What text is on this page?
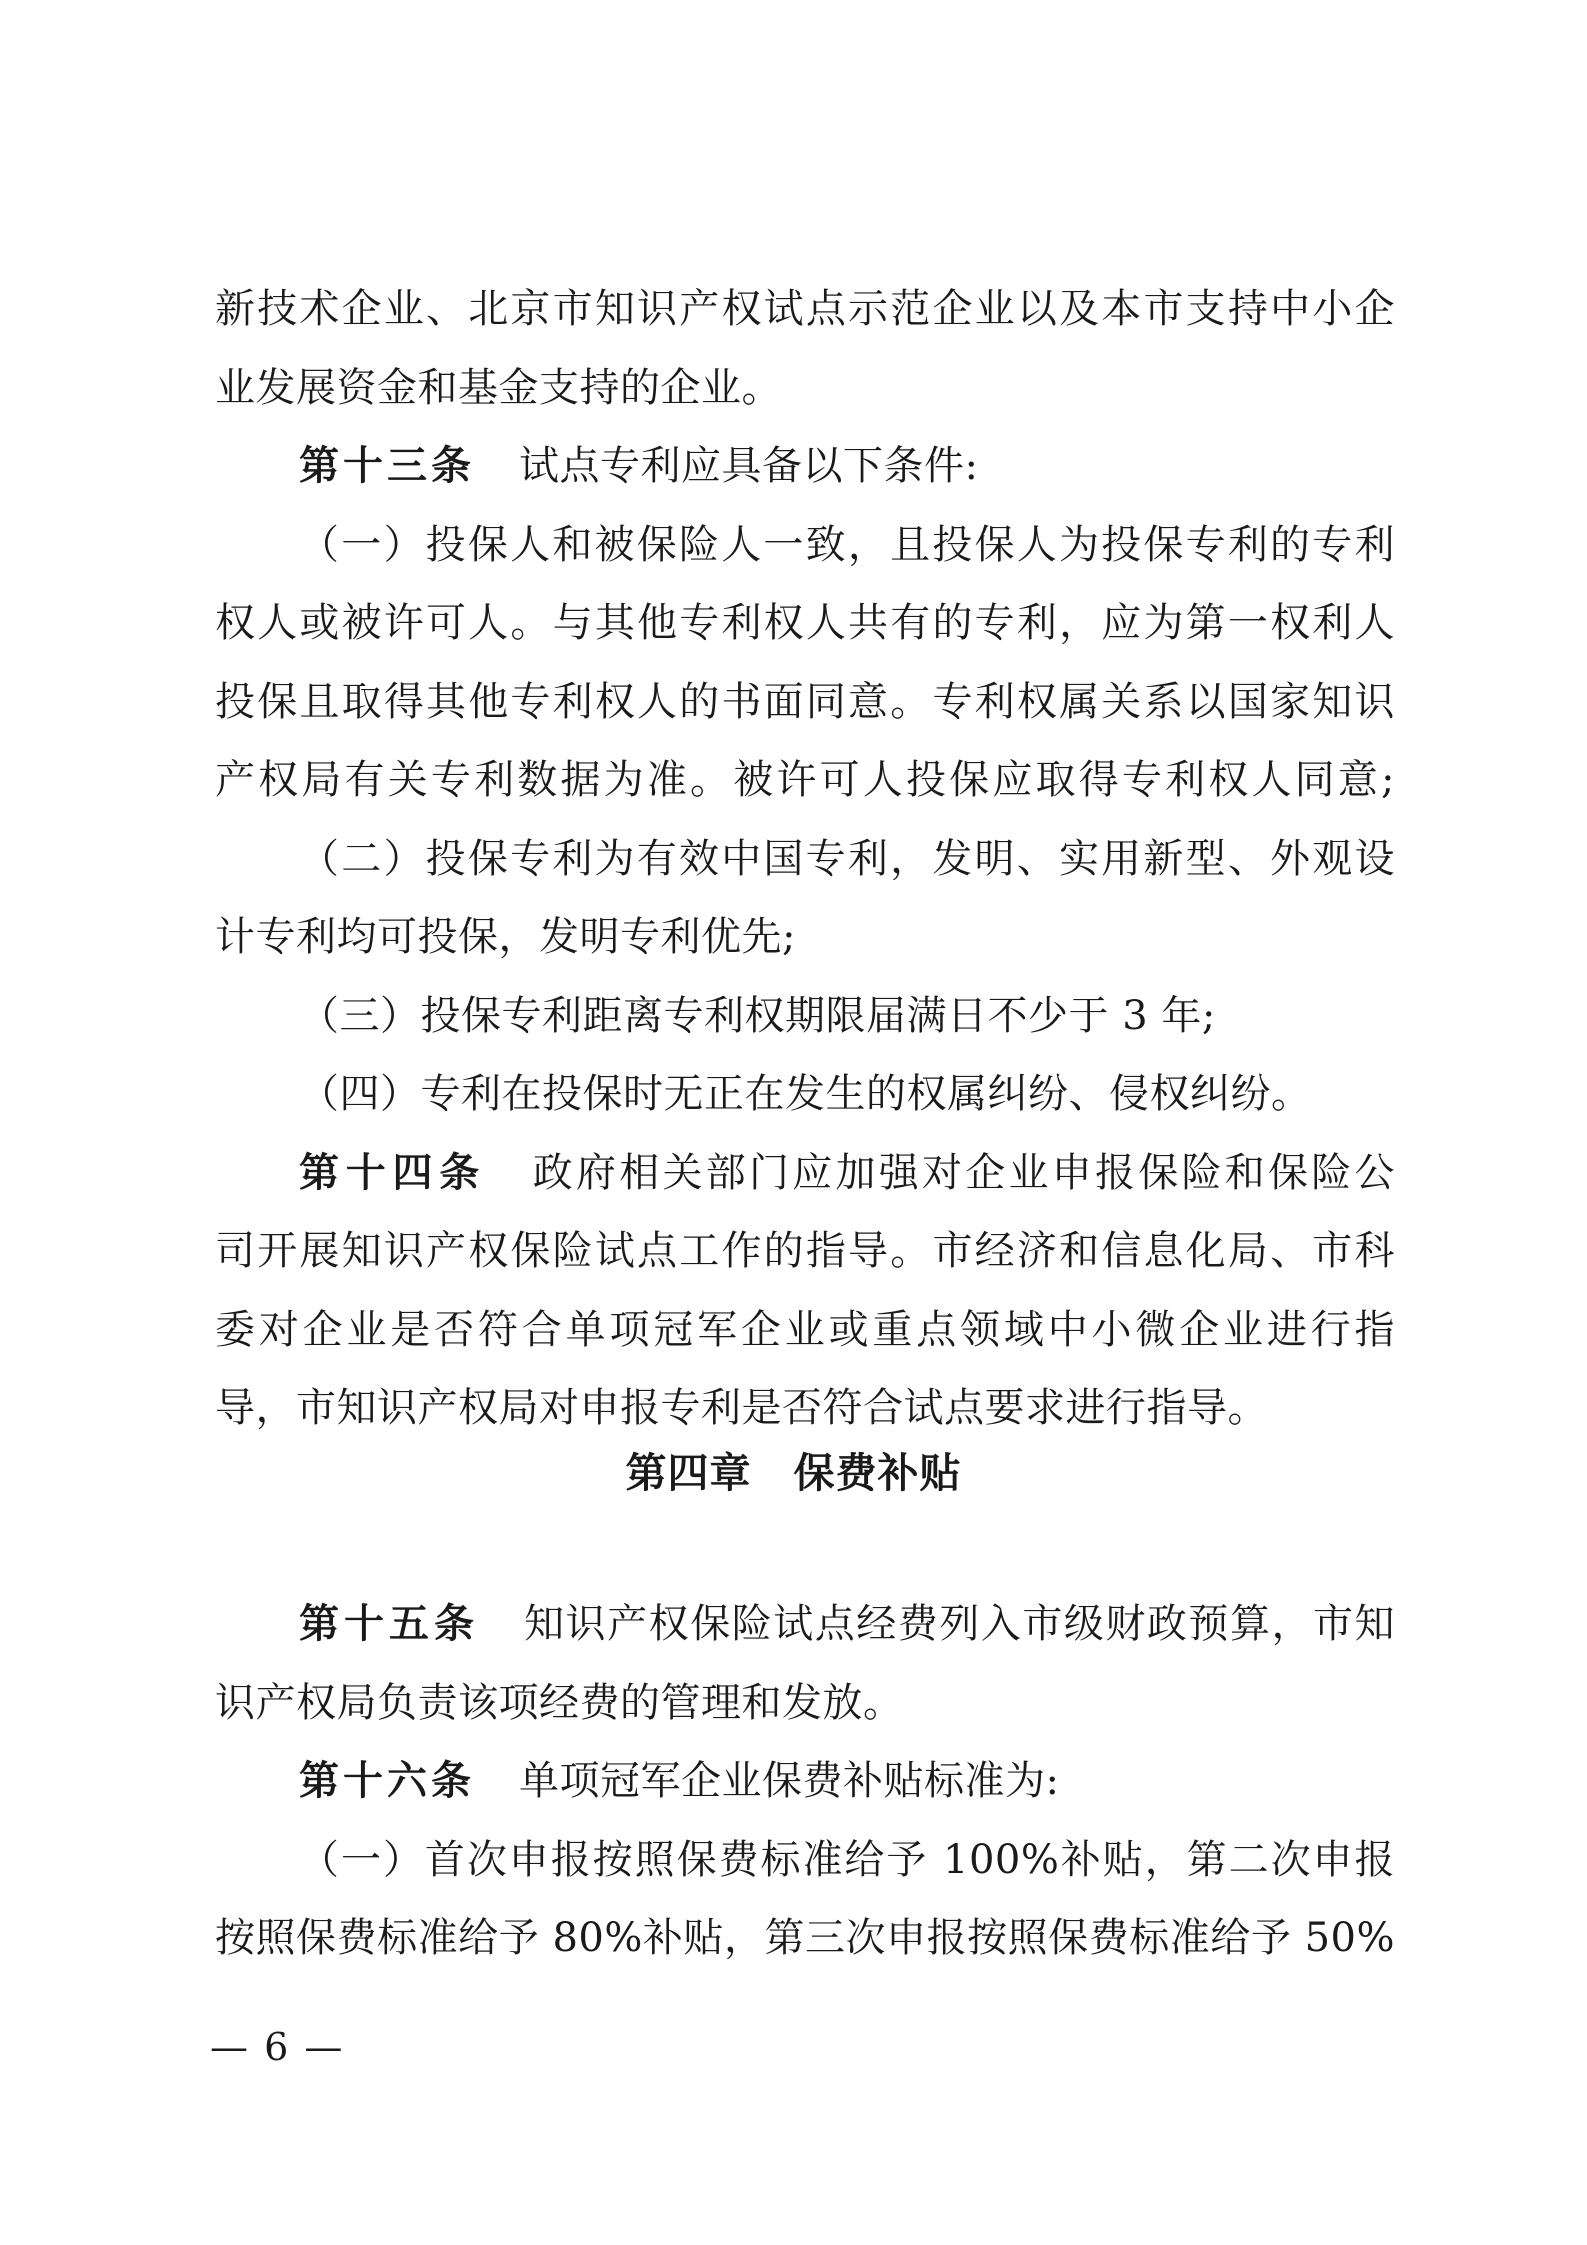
新技术企业、北京市知识产权试点示范企业以及本市支持中小企
业发展资金和基金支持的企业。
第十三条 试点专利应具备以下条件:
（一）投保人和被保险人一致，且投保人为投保专利的专利
权人或被许可人。与其他专利权人共有的专利，应为第一权利人
投保且取得其他专利权人的书面同意。专利权属关系以国家知识
产权局有关专利数据为准。被许可人投保应取得专利权人同意;
（二）投保专利为有效中国专利，发明、实用新型、外观设
计专利均可投保，发明专利优先;
（三）投保专利距离专利权期限届满日不少于 3 年;
（四）专利在投保时无正在发生的权属纠纷、侵权纠纷。
第十四条 政府相关部门应加强对企业申报保险和保险公
司开展知识产权保险试点工作的指导。市经济和信息化局、市科
委对企业是否符合单项冠军企业或重点领域中小微企业进行指
导，市知识产权局对申报专利是否符合试点要求进行指导。
第四章　保费补贴
第十五条 知识产权保险试点经费列入市级财政预算，市知
识产权局负责该项经费的管理和发放。
第十六条 单项冠军企业保费补贴标准为:
（一）首次申报按照保费标准给予 100%补贴，第二次申报
按照保费标准给予 80%补贴，第三次申报按照保费标准给予 50%
— 6 —
